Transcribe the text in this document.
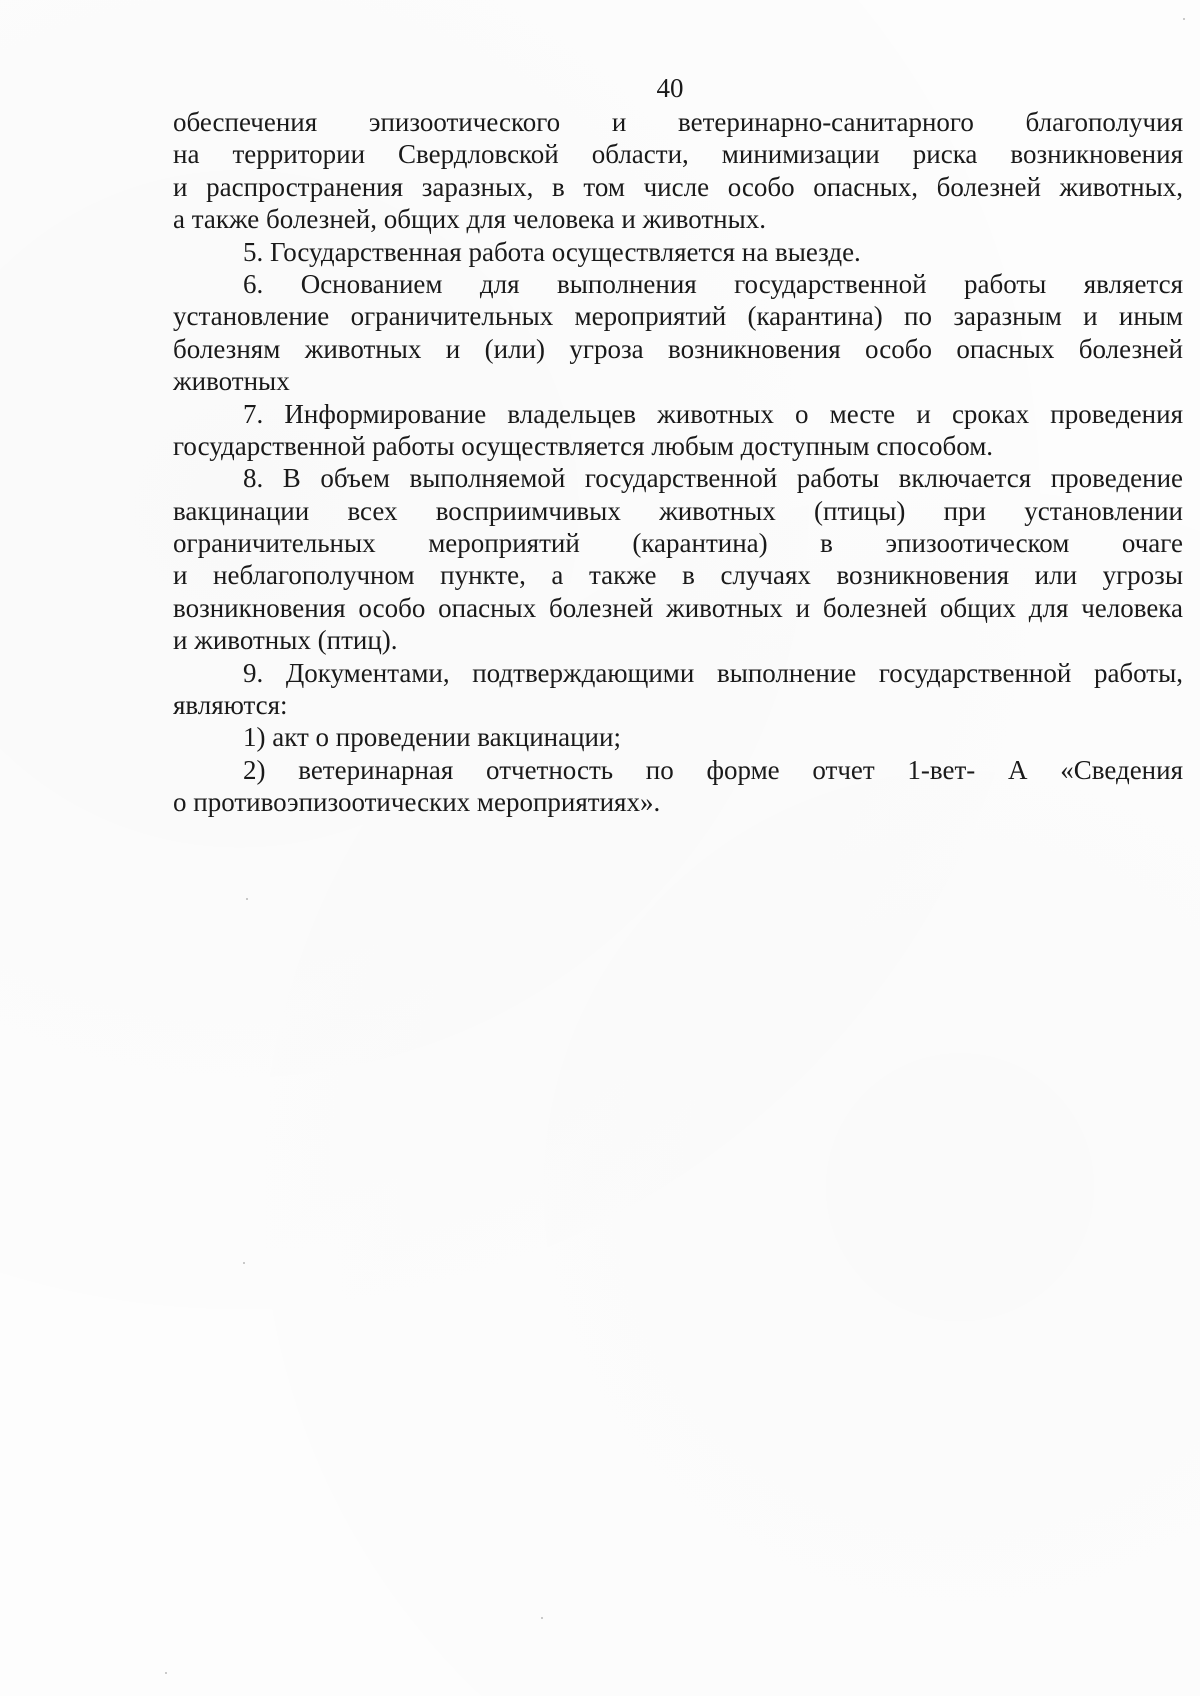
40
обеспечения эпизоотического и ветеринарно-санитарного благополучия
на территории Свердловской области, минимизации риска возникновения
и распространения заразных, в том числе особо опасных, болезней животных,
а также болезней, общих для человека и животных.
5. Государственная работа осуществляется на выезде.
6. Основанием для выполнения государственной работы является
установление ограничительных мероприятий (карантина) по заразным и иным
болезням животных и (или) угроза возникновения особо опасных болезней
животных
7. Информирование владельцев животных о месте и сроках проведения
государственной работы осуществляется любым доступным способом.
8. В объем выполняемой государственной работы включается проведение
вакцинации всех восприимчивых животных (птицы) при установлении
ограничительных мероприятий (карантина) в эпизоотическом очаге
и неблагополучном пункте, а также в случаях возникновения или угрозы
возникновения особо опасных болезней животных и болезней общих для человека
и животных (птиц).
9. Документами, подтверждающими выполнение государственной работы,
являются:
1) акт о проведении вакцинации;
2) ветеринарная отчетность по форме отчет 1-вет- А «Сведения
о противоэпизоотических мероприятиях».
